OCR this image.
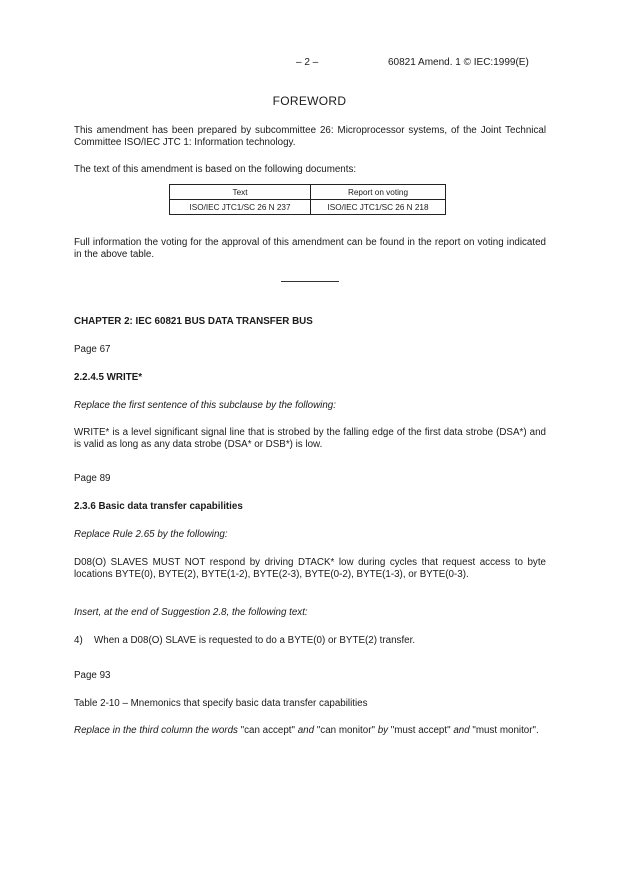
– 2 –	60821 Amend. 1 © IEC:1999(E)
FOREWORD

This amendment has been prepared by subcommittee 26: Microprocessor systems, of the Joint Technical Committee ISO/IEC JTC 1: Information technology.

The text of this amendment is based on the following documents:

Text	Report on voting
ISO/IEC JTC1/SC 26 N 237	ISO/IEC JTC1/SC 26 N 218

Full information the voting for the approval of this amendment can be found in the report on voting indicated in the above table.

CHAPTER 2: IEC 60821 BUS DATA TRANSFER BUS
Page 67
2.2.4.5 WRITE*
Replace the first sentence of this subclause by the following:

WRITE* is a level significant signal line that is strobed by the falling edge of the first data strobe (DSA*) and is valid as long as any data strobe (DSA* or DSB*) is low.

Page 89
2.3.6 Basic data transfer capabilities
Replace Rule 2.65 by the following:

D08(O) SLAVES MUST NOT respond by driving DTACK* low during cycles that request access to byte locations BYTE(0), BYTE(2), BYTE(1-2), BYTE(2-3), BYTE(0-2), BYTE(1-3), or BYTE(0-3).

Insert, at the end of Suggestion 2.8, the following text:
4)	When a D08(O) SLAVE is requested to do a BYTE(0) or BYTE(2) transfer.
Page 93
Table 2-10 – Mnemonics that specify basic data transfer capabilities

Replace in the third column the words "can accept" and "can monitor" by "must accept" and "must monitor".
